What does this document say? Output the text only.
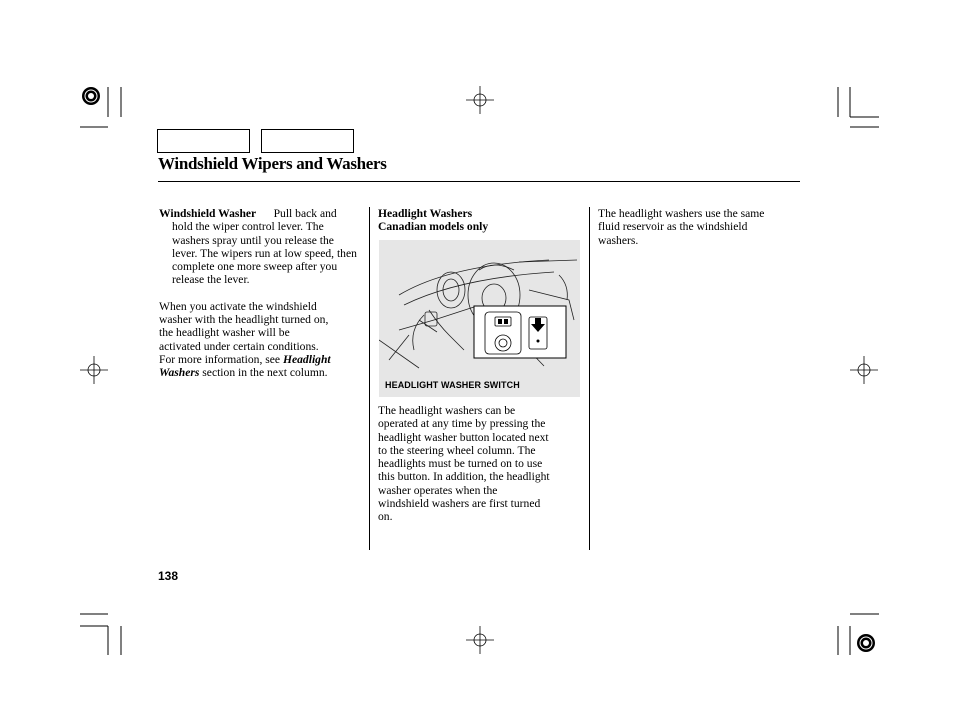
Windshield Wipers and Washers
Windshield Washer Pull back and hold the wiper control lever. The washers spray until you release the lever. The wipers run at low speed, then complete one more sweep after you release the lever.
When you activate the windshield
washer with the headlight turned on,
the headlight washer will be
activated under certain conditions.
For more information, see Headlight
Washers section in the next column.
Headlight Washers
Canadian models only
HEADLIGHT WASHER SWITCH
The headlight washers can be
operated at any time by pressing the
headlight washer button located next
to the steering wheel column. The
headlights must be turned on to use
this button. In addition, the headlight
washer operates when the
windshield washers are first turned
on.
The headlight washers use the same
fluid reservoir as the windshield
washers.
138
